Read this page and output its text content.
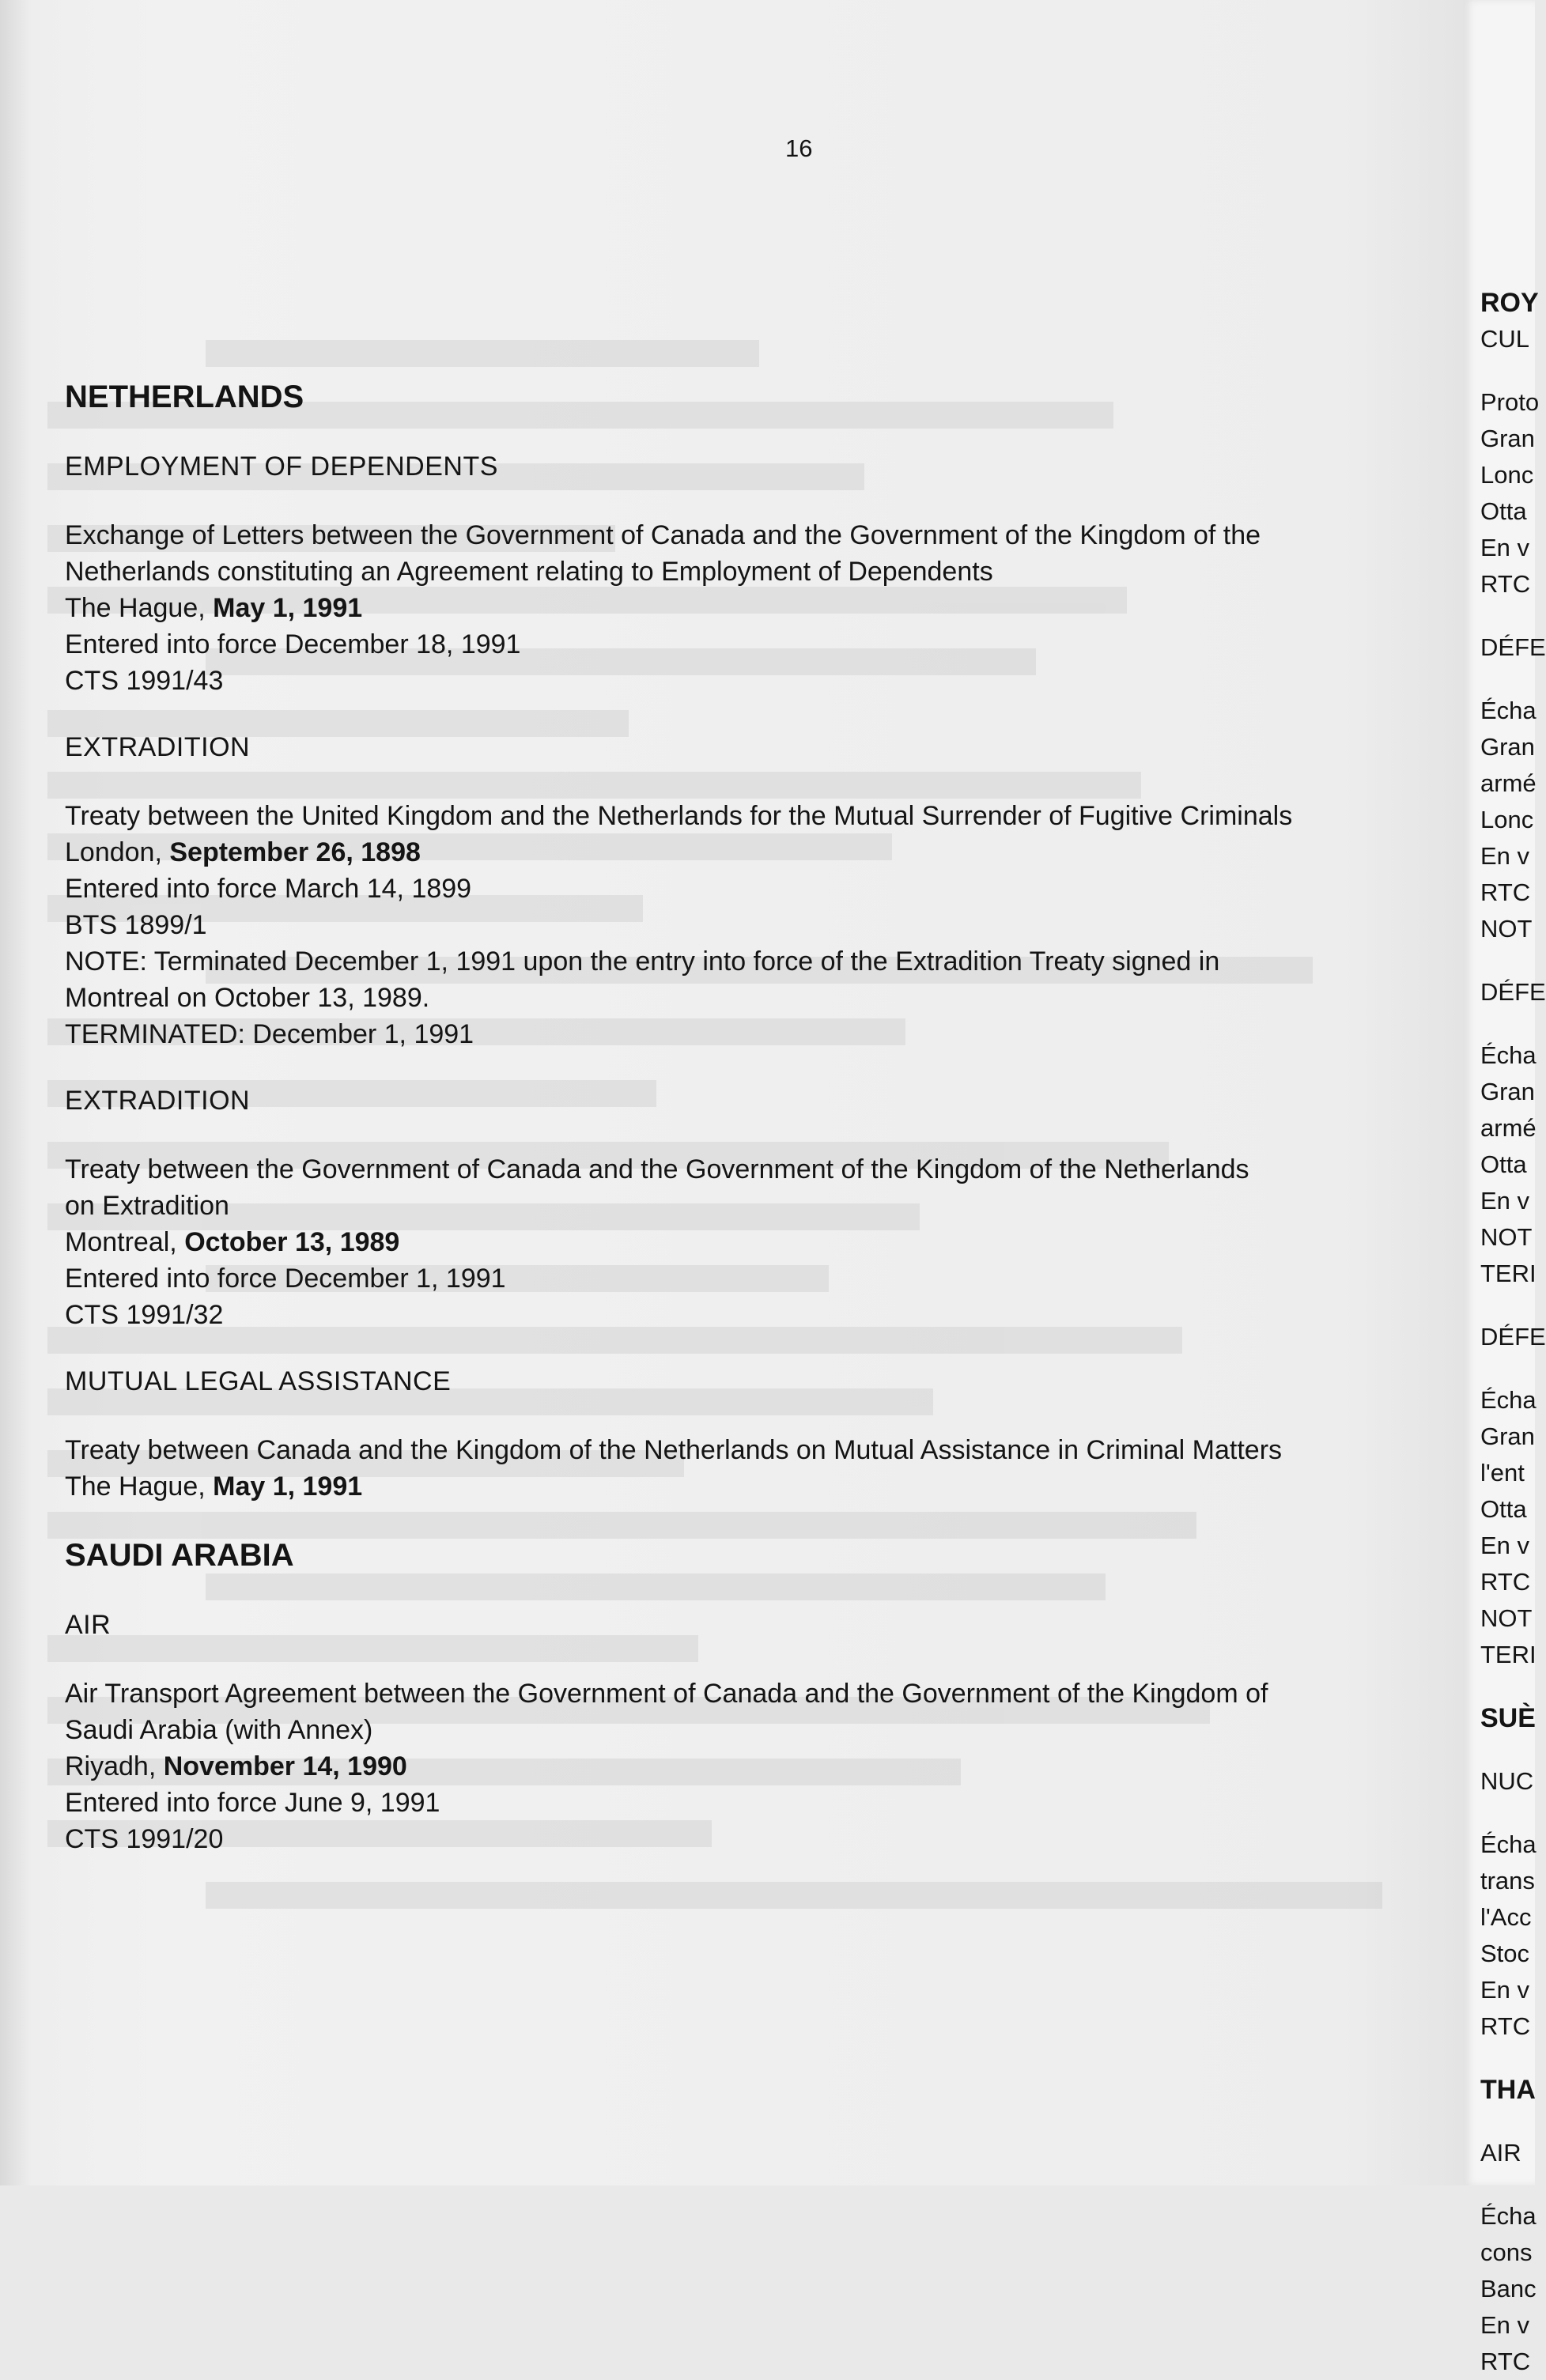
16
NETHERLANDS
EMPLOYMENT OF DEPENDENTS
Exchange of Letters between the Government of Canada and the Government of the Kingdom of the
Netherlands constituting an Agreement relating to Employment of Dependents
The Hague, May 1, 1991
Entered into force December 18, 1991
CTS 1991/43
EXTRADITION
Treaty between the United Kingdom and the Netherlands for the Mutual Surrender of Fugitive Criminals
London, September 26, 1898
Entered into force March 14, 1899
BTS 1899/1
NOTE: Terminated December 1, 1991 upon the entry into force of the Extradition Treaty signed in
Montreal on October 13, 1989.
TERMINATED: December 1, 1991
EXTRADITION
Treaty between the Government of Canada and the Government of the Kingdom of the Netherlands
on Extradition
Montreal, October 13, 1989
Entered into force December 1, 1991
CTS 1991/32
MUTUAL LEGAL ASSISTANCE
Treaty between Canada and the Kingdom of the Netherlands on Mutual Assistance in Criminal Matters
The Hague, May 1, 1991
SAUDI ARABIA
AIR
Air Transport Agreement between the Government of Canada and the Government of the Kingdom of
Saudi Arabia (with Annex)
Riyadh, November 14, 1990
Entered into force June 9, 1991
CTS 1991/20
ROY
CUL
Proto
Gran
Lonc
Otta
En v
RTC
DÉFE
Écha
Gran
armé
Lonc
En v
RTC
NOT
DÉFE
Écha
Gran
armé
Otta
En v
NOT
TERI
DÉFE
Écha
Gran
l'ent
Otta
En v
RTC
NOT
TERI
SUÈ
NUC
Écha
trans
l'Acc
Stoc
En v
RTC
THA
AIR
Écha
cons
Banc
En v
RTC
